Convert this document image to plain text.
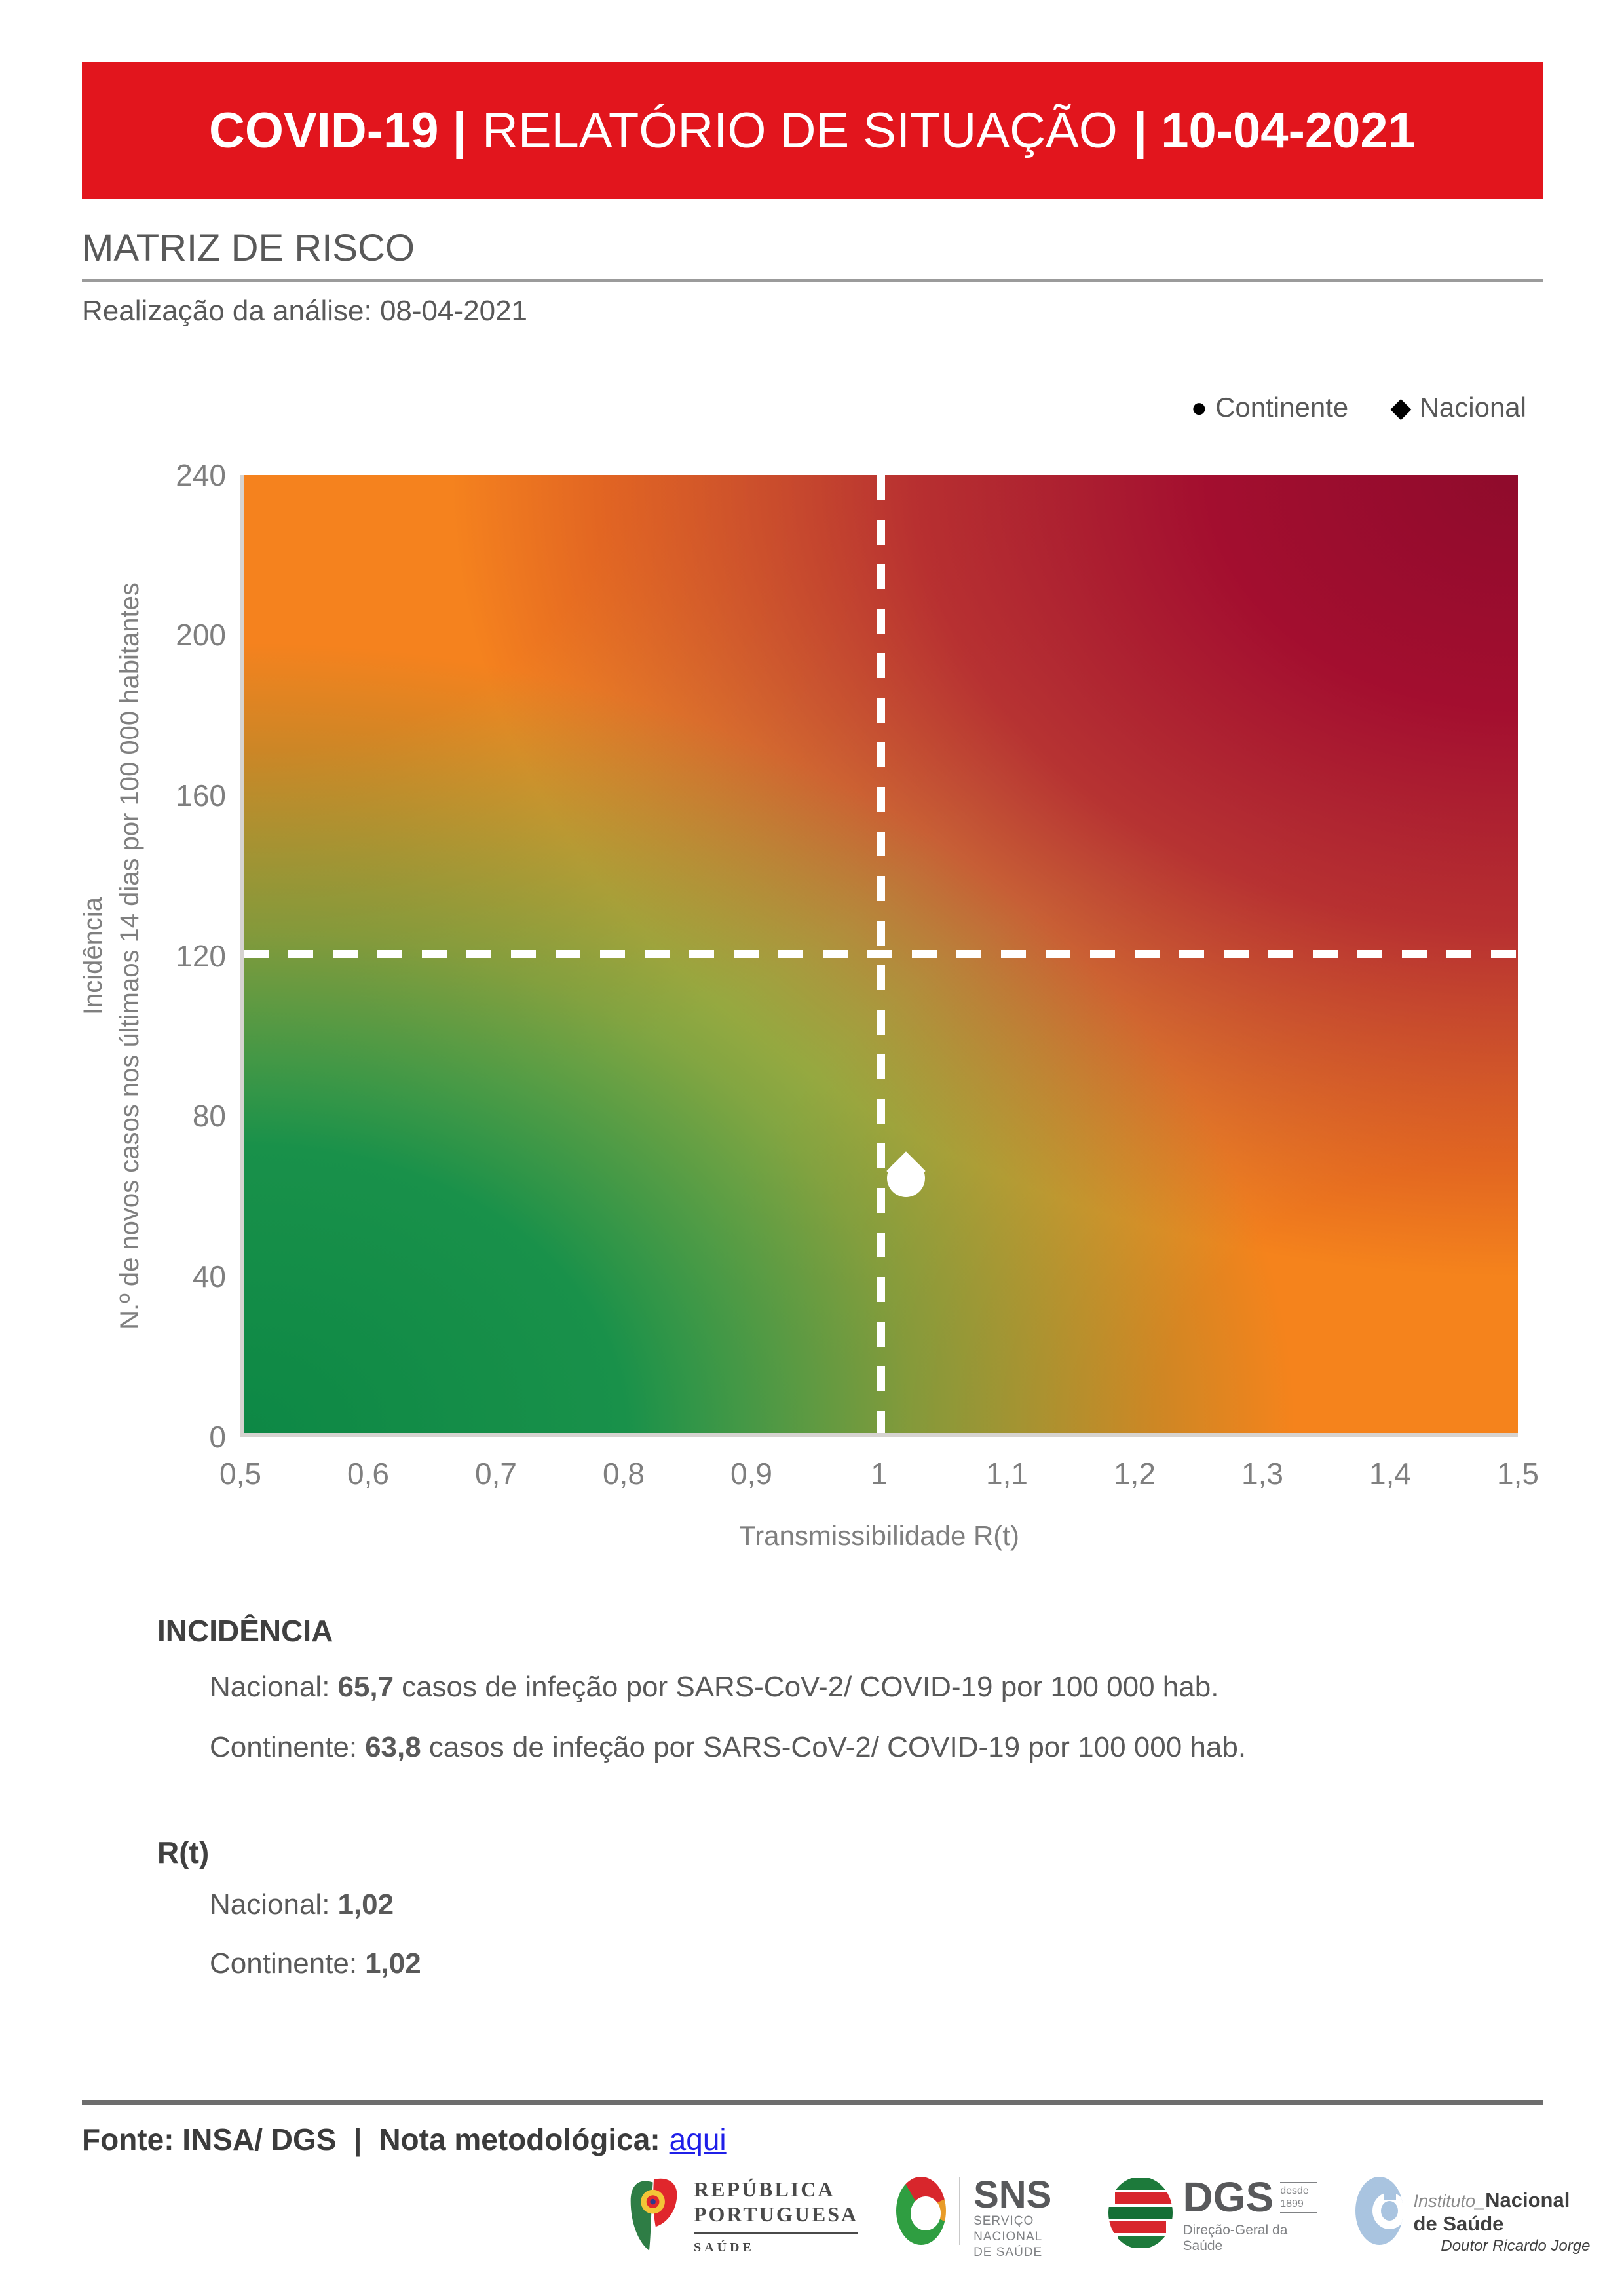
COVID-19 | RELATÓRIO DE SITUAÇÃO | 10-04-2021
MATRIZ DE RISCO
Realização da análise: 08-04-2021
● Continente ◆ Nacional
Incidência N.º de novos casos nos últimaos 14 dias por 100 000 habitantes
240
200
160
120
80
40
0
0,5	0,6	0,7	0,8	0,9	1	1,1	1,2	1,3	1,4	1,5
Transmissibilidade R(t)
INCIDÊNCIA
Nacional: 65,7 casos de infeção por SARS-CoV-2/ COVID-19 por 100 000 hab.
Continente: 63,8 casos de infeção por SARS-CoV-2/ COVID-19 por 100 000 hab.
R(t)
Nacional: 1,02
Continente: 1,02
Fonte: INSA/ DGS | Nota metodológica: aqui
REPÚBLICA
PORTUGUESA
SAÚDE
SNS
SERVIÇO NACIONAL
DE SAÚDE
DGS desde 1899
Direção-Geral da Saúde
Instituto_Nacional de Saúde
Doutor Ricardo Jorge
